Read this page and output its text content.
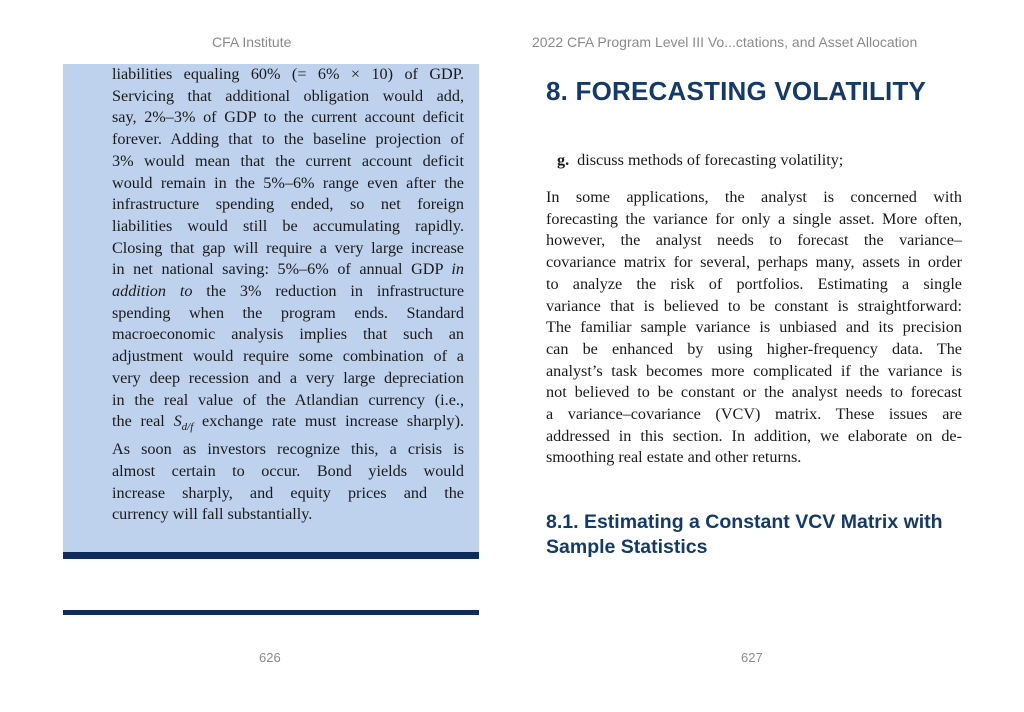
CFA Institute	2022 CFA Program Level III Vo...ctations, and Asset Allocation
liabilities equaling 60% (= 6% × 10) of GDP.
Servicing that additional obligation would add,
say, 2%–3% of GDP to the current account deficit
forever. Adding that to the baseline projection of
3% would mean that the current account deficit
would remain in the 5%–6% range even after the
infrastructure spending ended, so net foreign
liabilities would still be accumulating rapidly.
Closing that gap will require a very large increase
in net national saving: 5%–6% of annual GDP in
addition to the 3% reduction in infrastructure
spending when the program ends. Standard
macroeconomic analysis implies that such an
adjustment would require some combination of a
very deep recession and a very large depreciation
in the real value of the Atlandian currency (i.e.,
the real $S_{d/f}$ exchange rate must increase sharply).
As soon as investors recognize this, a crisis is
almost certain to occur. Bond yields would
increase sharply, and equity prices and the
currency will fall substantially.
626
8. FORECASTING VOLATILITY
g. discuss methods of forecasting volatility;
In some applications, the analyst is concerned with
forecasting the variance for only a single asset. More often,
however, the analyst needs to forecast the variance–
covariance matrix for several, perhaps many, assets in order
to analyze the risk of portfolios. Estimating a single
variance that is believed to be constant is straightforward:
The familiar sample variance is unbiased and its precision
can be enhanced by using higher-frequency data. The
analyst’s task becomes more complicated if the variance is
not believed to be constant or the analyst needs to forecast
a variance–covariance (VCV) matrix. These issues are
addressed in this section. In addition, we elaborate on de-
smoothing real estate and other returns.
8.1. Estimating a Constant VCV Matrix with Sample Statistics
627
